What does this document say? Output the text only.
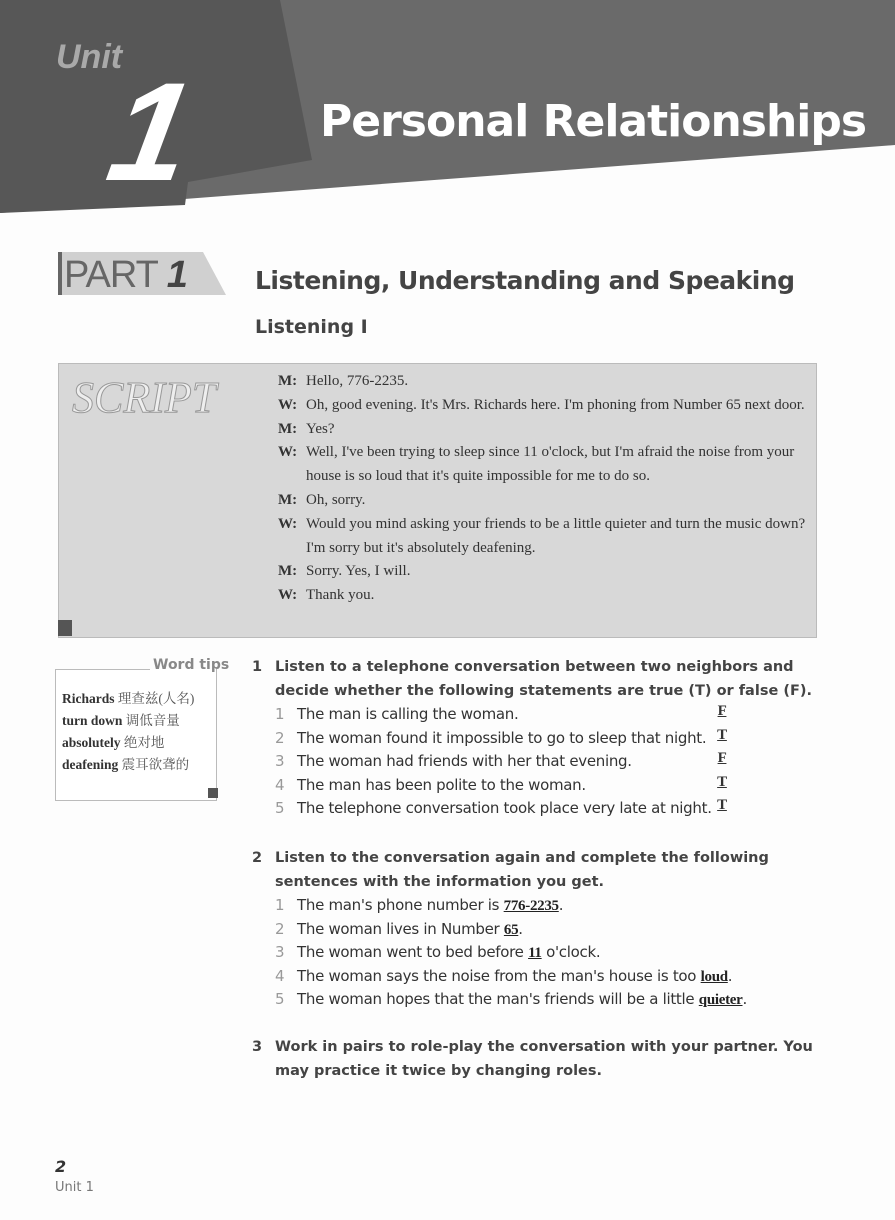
Unit
1	Personal Relationships
PART 1	Listening, Understanding and Speaking
Listening I
SCRIPT	M: Hello, 776-2235.
W: Oh, good evening. It's Mrs. Richards here. I'm phoning from Number 65 next door.
M: Yes?
W: Well, I've been trying to sleep since 11 o'clock, but I'm afraid the noise from your house is so loud that it's quite impossible for me to do so.
M: Oh, sorry.
W: Would you mind asking your friends to be a little quieter and turn the music down? I'm sorry but it's absolutely deafening.
M: Sorry. Yes, I will.
W: Thank you.
Word tips
Richards 理查兹(人名)
turn down 调低音量
absolutely 绝对地
deafening 震耳欲聋的
1 Listen to a telephone conversation between two neighbors and decide whether the following statements are true (T) or false (F).
1 The man is calling the woman.	F
2 The woman found it impossible to go to sleep that night. T
3 The woman had friends with her that evening.	F
4 The man has been polite to the woman.	T
5 The telephone conversation took place very late at night. T
2 Listen to the conversation again and complete the following sentences with the information you get.
1 The man's phone number is 776-2235.
2 The woman lives in Number 65.
3 The woman went to bed before 11 o'clock.
4 The woman says the noise from the man's house is too loud.
5 The woman hopes that the man's friends will be a little quieter.
3 Work in pairs to role-play the conversation with your partner. You may practice it twice by changing roles.
2
Unit 1
